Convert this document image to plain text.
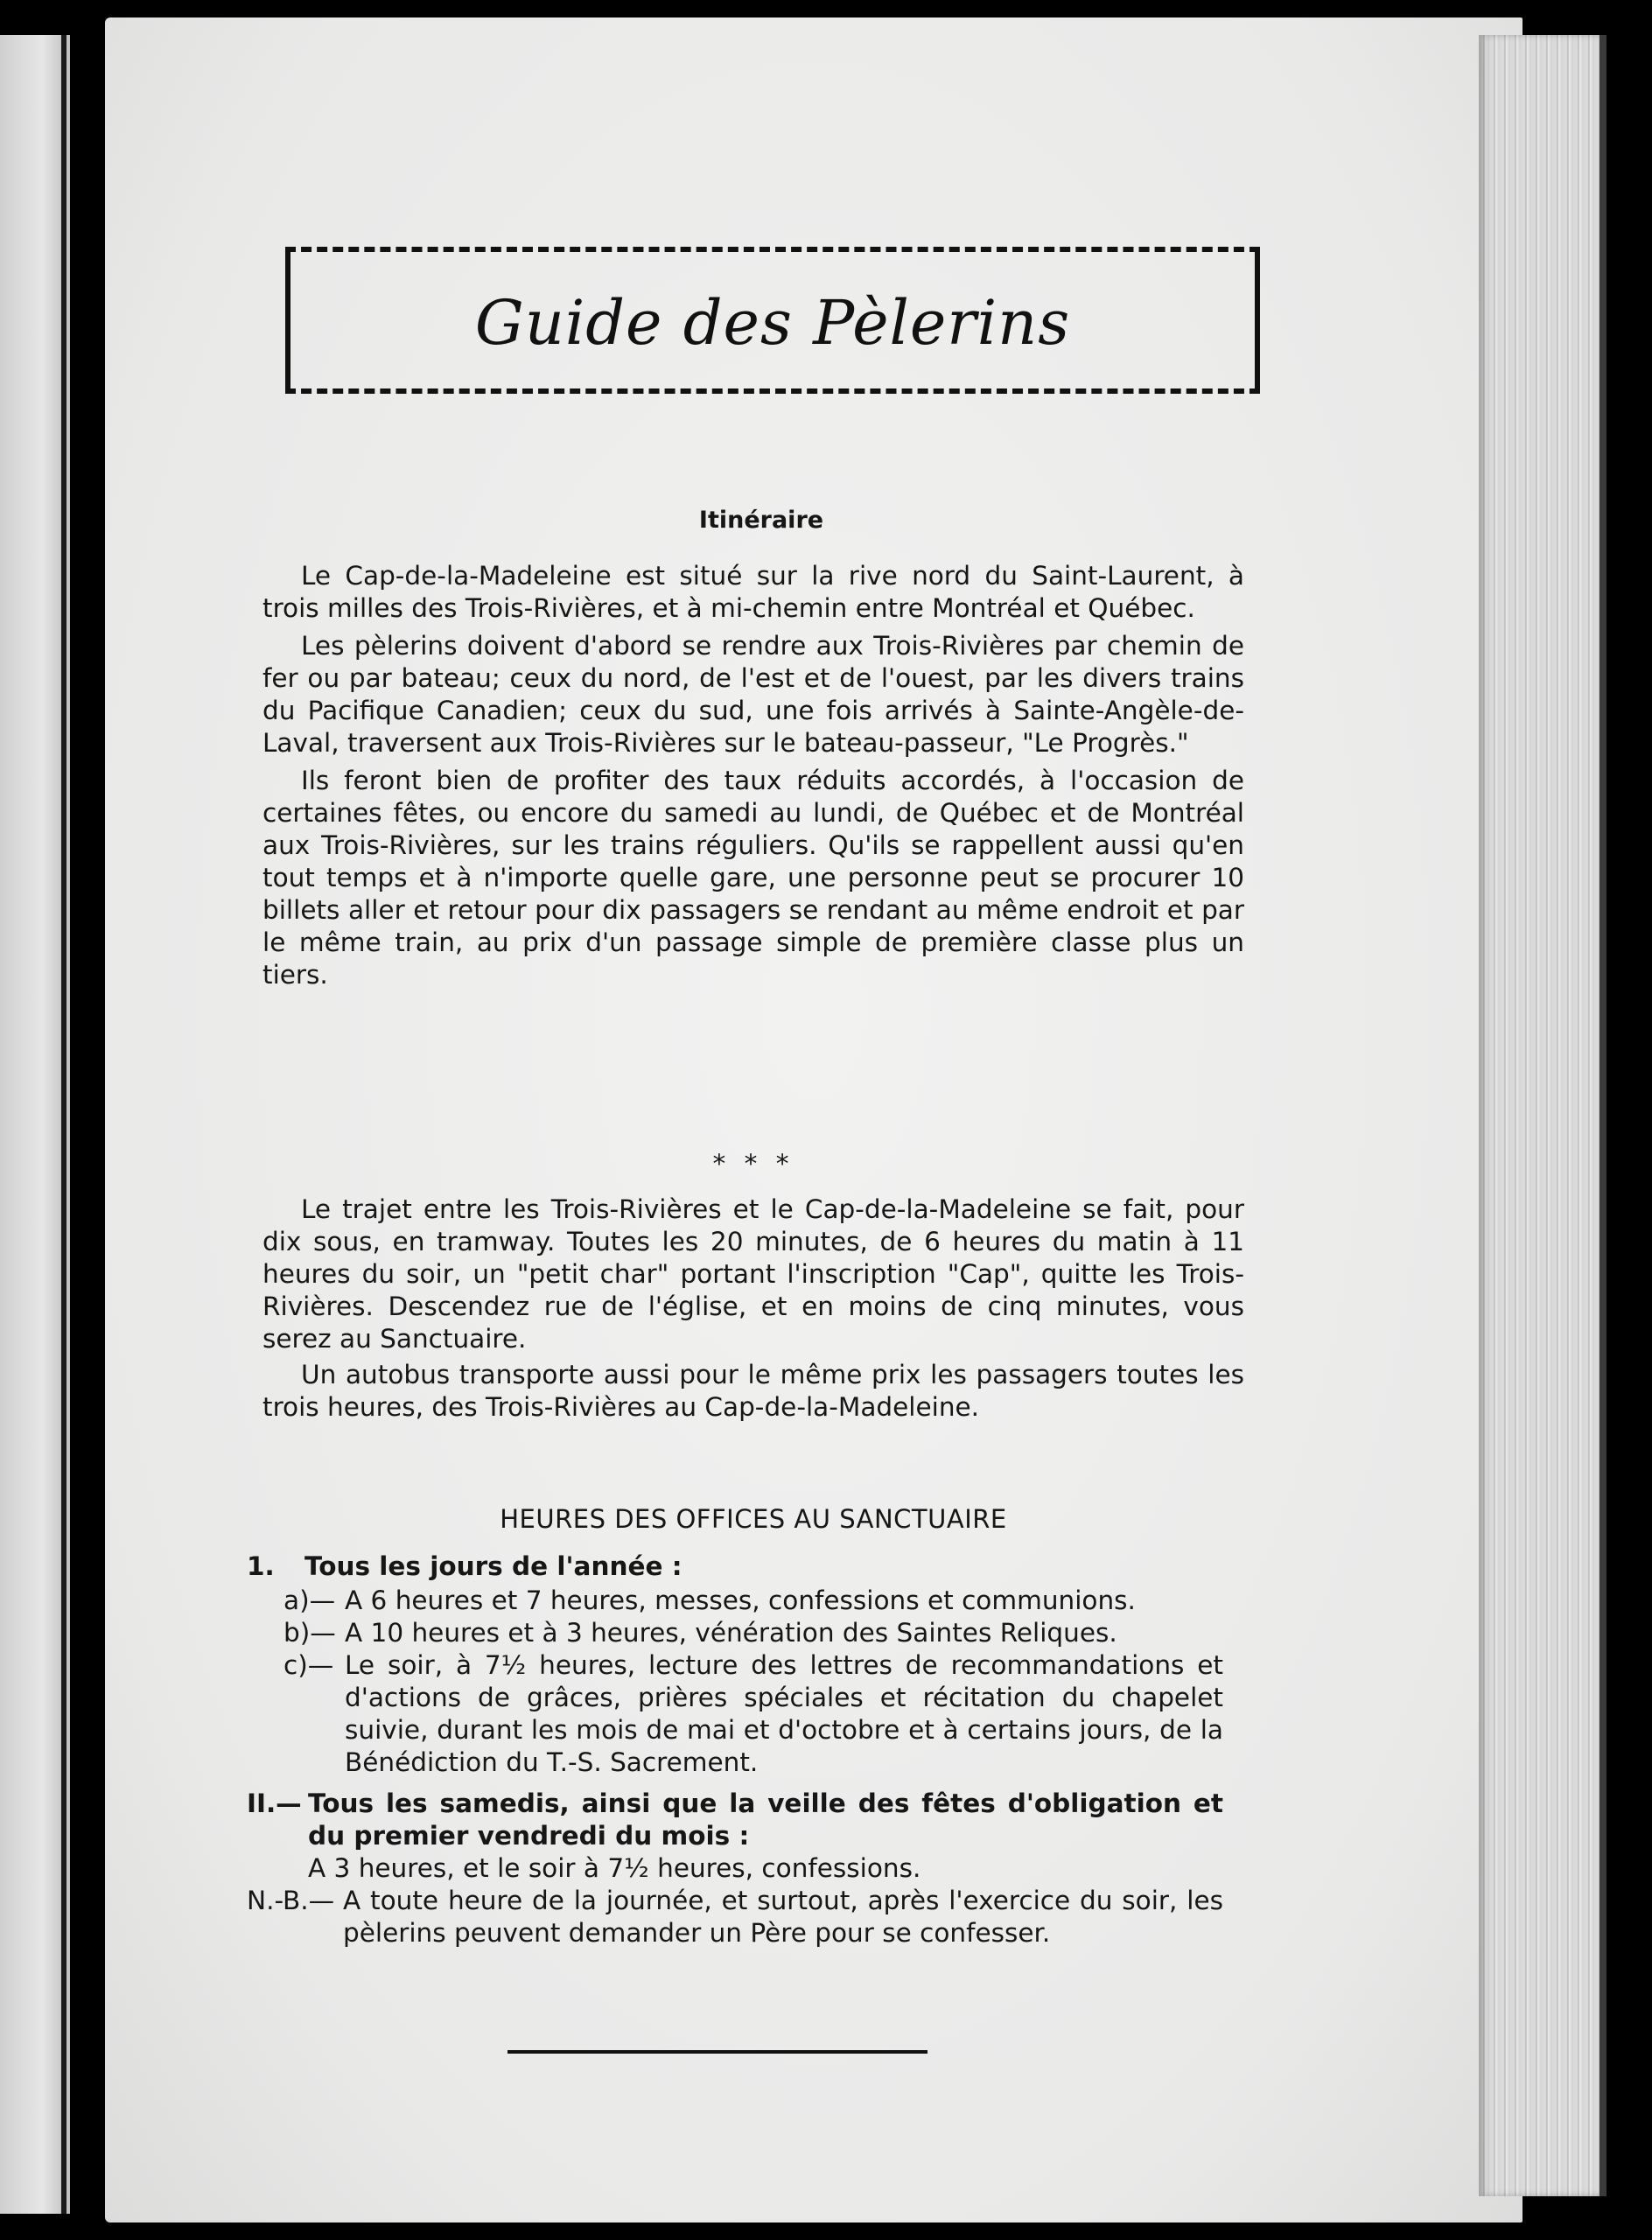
Guide des Pèlerins
Itinéraire

Le Cap-de-la-Madeleine est situé sur la rive nord du Saint-Laurent, à trois milles des Trois-Rivières, et à mi-chemin entre Montréal et Québec.

Les pèlerins doivent d'abord se rendre aux Trois-Rivières par chemin de fer ou par bateau; ceux du nord, de l'est et de l'ouest, par les divers trains du Pacifique Canadien; ceux du sud, une fois arrivés à Sainte-Angèle-de-Laval, traversent aux Trois-Rivières sur le bateau-passeur, "Le Progrès."

Ils feront bien de profiter des taux réduits accordés, à l'occasion de certaines fêtes, ou encore du samedi au lundi, de Québec et de Montréal aux Trois-Rivières, sur les trains réguliers. Qu'ils se rappellent aussi qu'en tout temps et à n'importe quelle gare, une personne peut se procurer 10 billets aller et retour pour dix passagers se rendant au même endroit et par le même train, au prix d'un passage simple de première classe plus un tiers.

* * *

Le trajet entre les Trois-Rivières et le Cap-de-la-Madeleine se fait, pour dix sous, en tramway. Toutes les 20 minutes, de 6 heures du matin à 11 heures du soir, un "petit char" portant l'inscription "Cap", quitte les Trois-Rivières. Descendez rue de l'église, et en moins de cinq minutes, vous serez au Sanctuaire.

Un autobus transporte aussi pour le même prix les passagers toutes les trois heures, des Trois-Rivières au Cap-de-la-Madeleine.

HEURES DES OFFICES AU SANCTUAIRE
1.	Tous les jours de l'année :
a)— A 6 heures et 7 heures, messes, confessions et communions.
b)— A 10 heures et à 3 heures, vénération des Saintes Reliques.
c)— Le soir, à 7½ heures, lecture des lettres de recommandations et d'actions de grâces, prières spéciales et récitation du chapelet suivie, durant les mois de mai et d'octobre et à certains jours, de la Bénédiction du T.-S. Sacrement.
II.— Tous les samedis, ainsi que la veille des fêtes d'obligation et du premier vendredi du mois :
A 3 heures, et le soir à 7½ heures, confessions.
N.-B.— A toute heure de la journée, et surtout, après l'exercice du soir, les pèlerins peuvent demander un Père pour se confesser.
